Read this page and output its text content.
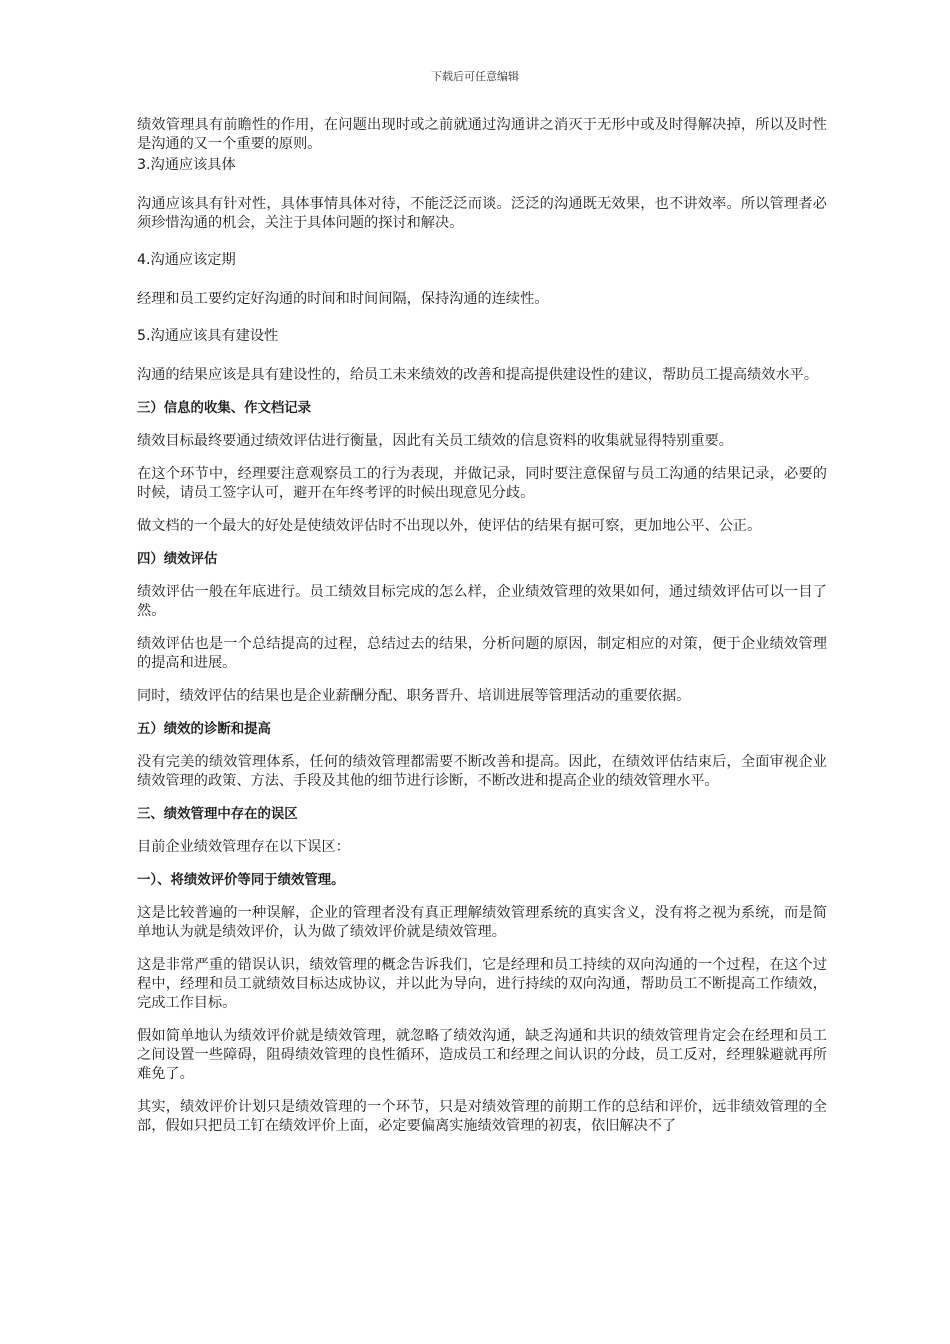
下载后可任意编辑

绩效管理具有前瞻性的作用，在问题出现时或之前就通过沟通讲之消灭于无形中或及时得解决掉，所以及时性是沟通的又一个重要的原则。

3.沟通应该具体

沟通应该具有针对性，具体事情具体对待，不能泛泛而谈。泛泛的沟通既无效果，也不讲效率。所以管理者必须珍惜沟通的机会，关注于具体问题的探讨和解决。

4.沟通应该定期

经理和员工要约定好沟通的时间和时间间隔，保持沟通的连续性。

5.沟通应该具有建设性

沟通的结果应该是具有建设性的，给员工未来绩效的改善和提高提供建设性的建议，帮助员工提高绩效水平。

三）信息的收集、作文档记录

绩效目标最终要通过绩效评估进行衡量，因此有关员工绩效的信息资料的收集就显得特别重要。

在这个环节中，经理要注意观察员工的行为表现，并做记录，同时要注意保留与员工沟通的结果记录，必要的时候，请员工签字认可，避开在年终考评的时候出现意见分歧。

做文档的一个最大的好处是使绩效评估时不出现以外，使评估的结果有据可察，更加地公平、公正。

四）绩效评估

绩效评估一般在年底进行。员工绩效目标完成的怎么样，企业绩效管理的效果如何，通过绩效评估可以一目了然。

绩效评估也是一个总结提高的过程，总结过去的结果，分析问题的原因，制定相应的对策，便于企业绩效管理的提高和进展。

同时，绩效评估的结果也是企业薪酬分配、职务晋升、培训进展等管理活动的重要依据。

五）绩效的诊断和提高

没有完美的绩效管理体系，任何的绩效管理都需要不断改善和提高。因此，在绩效评估结束后，全面审视企业绩效管理的政策、方法、手段及其他的细节进行诊断，不断改进和提高企业的绩效管理水平。

三、绩效管理中存在的误区

目前企业绩效管理存在以下误区：

一）、将绩效评价等同于绩效管理。

这是比较普遍的一种误解，企业的管理者没有真正理解绩效管理系统的真实含义，没有将之视为系统，而是简单地认为就是绩效评价，认为做了绩效评价就是绩效管理。

这是非常严重的错误认识，绩效管理的概念告诉我们，它是经理和员工持续的双向沟通的一个过程，在这个过程中，经理和员工就绩效目标达成协议，并以此为导向，进行持续的双向沟通，帮助员工不断提高工作绩效，完成工作目标。

假如简单地认为绩效评价就是绩效管理，就忽略了绩效沟通，缺乏沟通和共识的绩效管理肯定会在经理和员工之间设置一些障碍，阻碍绩效管理的良性循环，造成员工和经理之间认识的分歧，员工反对，经理躲避就再所难免了。

其实，绩效评价计划只是绩效管理的一个环节，只是对绩效管理的前期工作的总结和评价，远非绩效管理的全部，假如只把员工钉在绩效评价上面，必定要偏离实施绩效管理的初衷，依旧解决不了
